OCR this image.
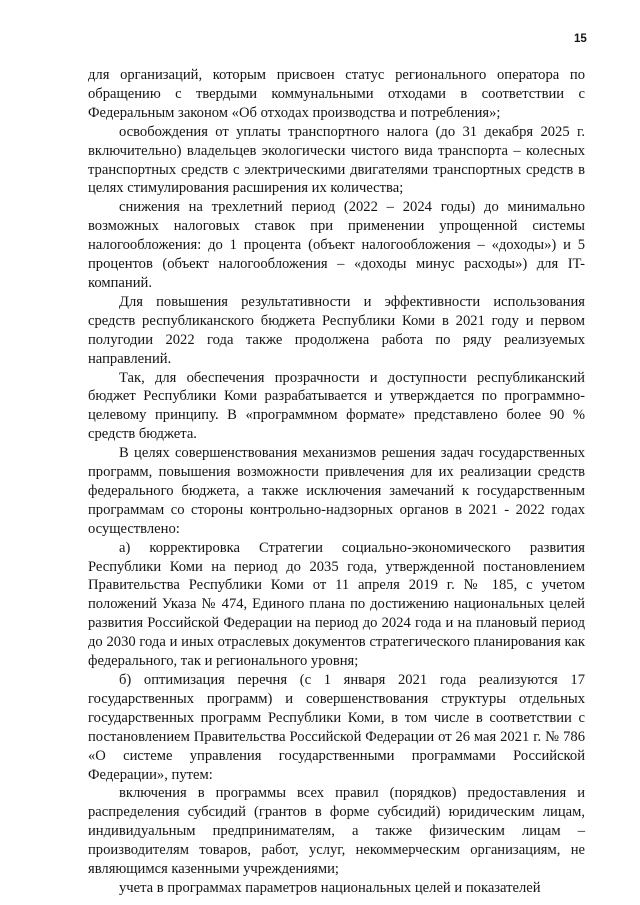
15

для организаций, которым присвоен статус регионального оператора по обращению с твердыми коммунальными отходами в соответствии с Федеральным законом «Об отходах производства и потребления»;

освобождения от уплаты транспортного налога (до 31 декабря 2025 г. включительно) владельцев экологически чистого вида транспорта – колесных транспортных средств с электрическими двигателями транспортных средств в целях стимулирования расширения их количества;

снижения на трехлетний период (2022 – 2024 годы) до минимально возможных налоговых ставок при применении упрощенной системы налогообложения: до 1 процента (объект налогообложения – «доходы») и 5 процентов (объект налогообложения – «доходы минус расходы») для IT-компаний.

Для повышения результативности и эффективности использования средств республиканского бюджета Республики Коми в 2021 году и первом полугодии 2022 года также продолжена работа по ряду реализуемых направлений.

Так, для обеспечения прозрачности и доступности республиканский бюджет Республики Коми разрабатывается и утверждается по программно-целевому принципу. В «программном формате» представлено более 90 % средств бюджета.

В целях совершенствования механизмов решения задач государственных программ, повышения возможности привлечения для их реализации средств федерального бюджета, а также исключения замечаний к государственным программам со стороны контрольно-надзорных органов в 2021 - 2022 годах осуществлено:

а) корректировка Стратегии социально-экономического развития Республики Коми на период до 2035 года, утвержденной постановлением Правительства Республики Коми от 11 апреля 2019 г. № 185, с учетом положений Указа № 474, Единого плана по достижению национальных целей развития Российской Федерации на период до 2024 года и на плановый период до 2030 года и иных отраслевых документов стратегического планирования как федерального, так и регионального уровня;

б) оптимизация перечня (с 1 января 2021 года реализуются 17 государственных программ) и совершенствования структуры отдельных государственных программ Республики Коми, в том числе в соответствии с постановлением Правительства Российской Федерации от 26 мая 2021 г. № 786 «О системе управления государственными программами Российской Федерации», путем:

включения в программы всех правил (порядков) предоставления и распределения субсидий (грантов в форме субсидий) юридическим лицам, индивидуальным предпринимателям, а также физическим лицам – производителям товаров, работ, услуг, некоммерческим организациям, не являющимся казенными учреждениями;

учета в программах параметров национальных целей и показателей
